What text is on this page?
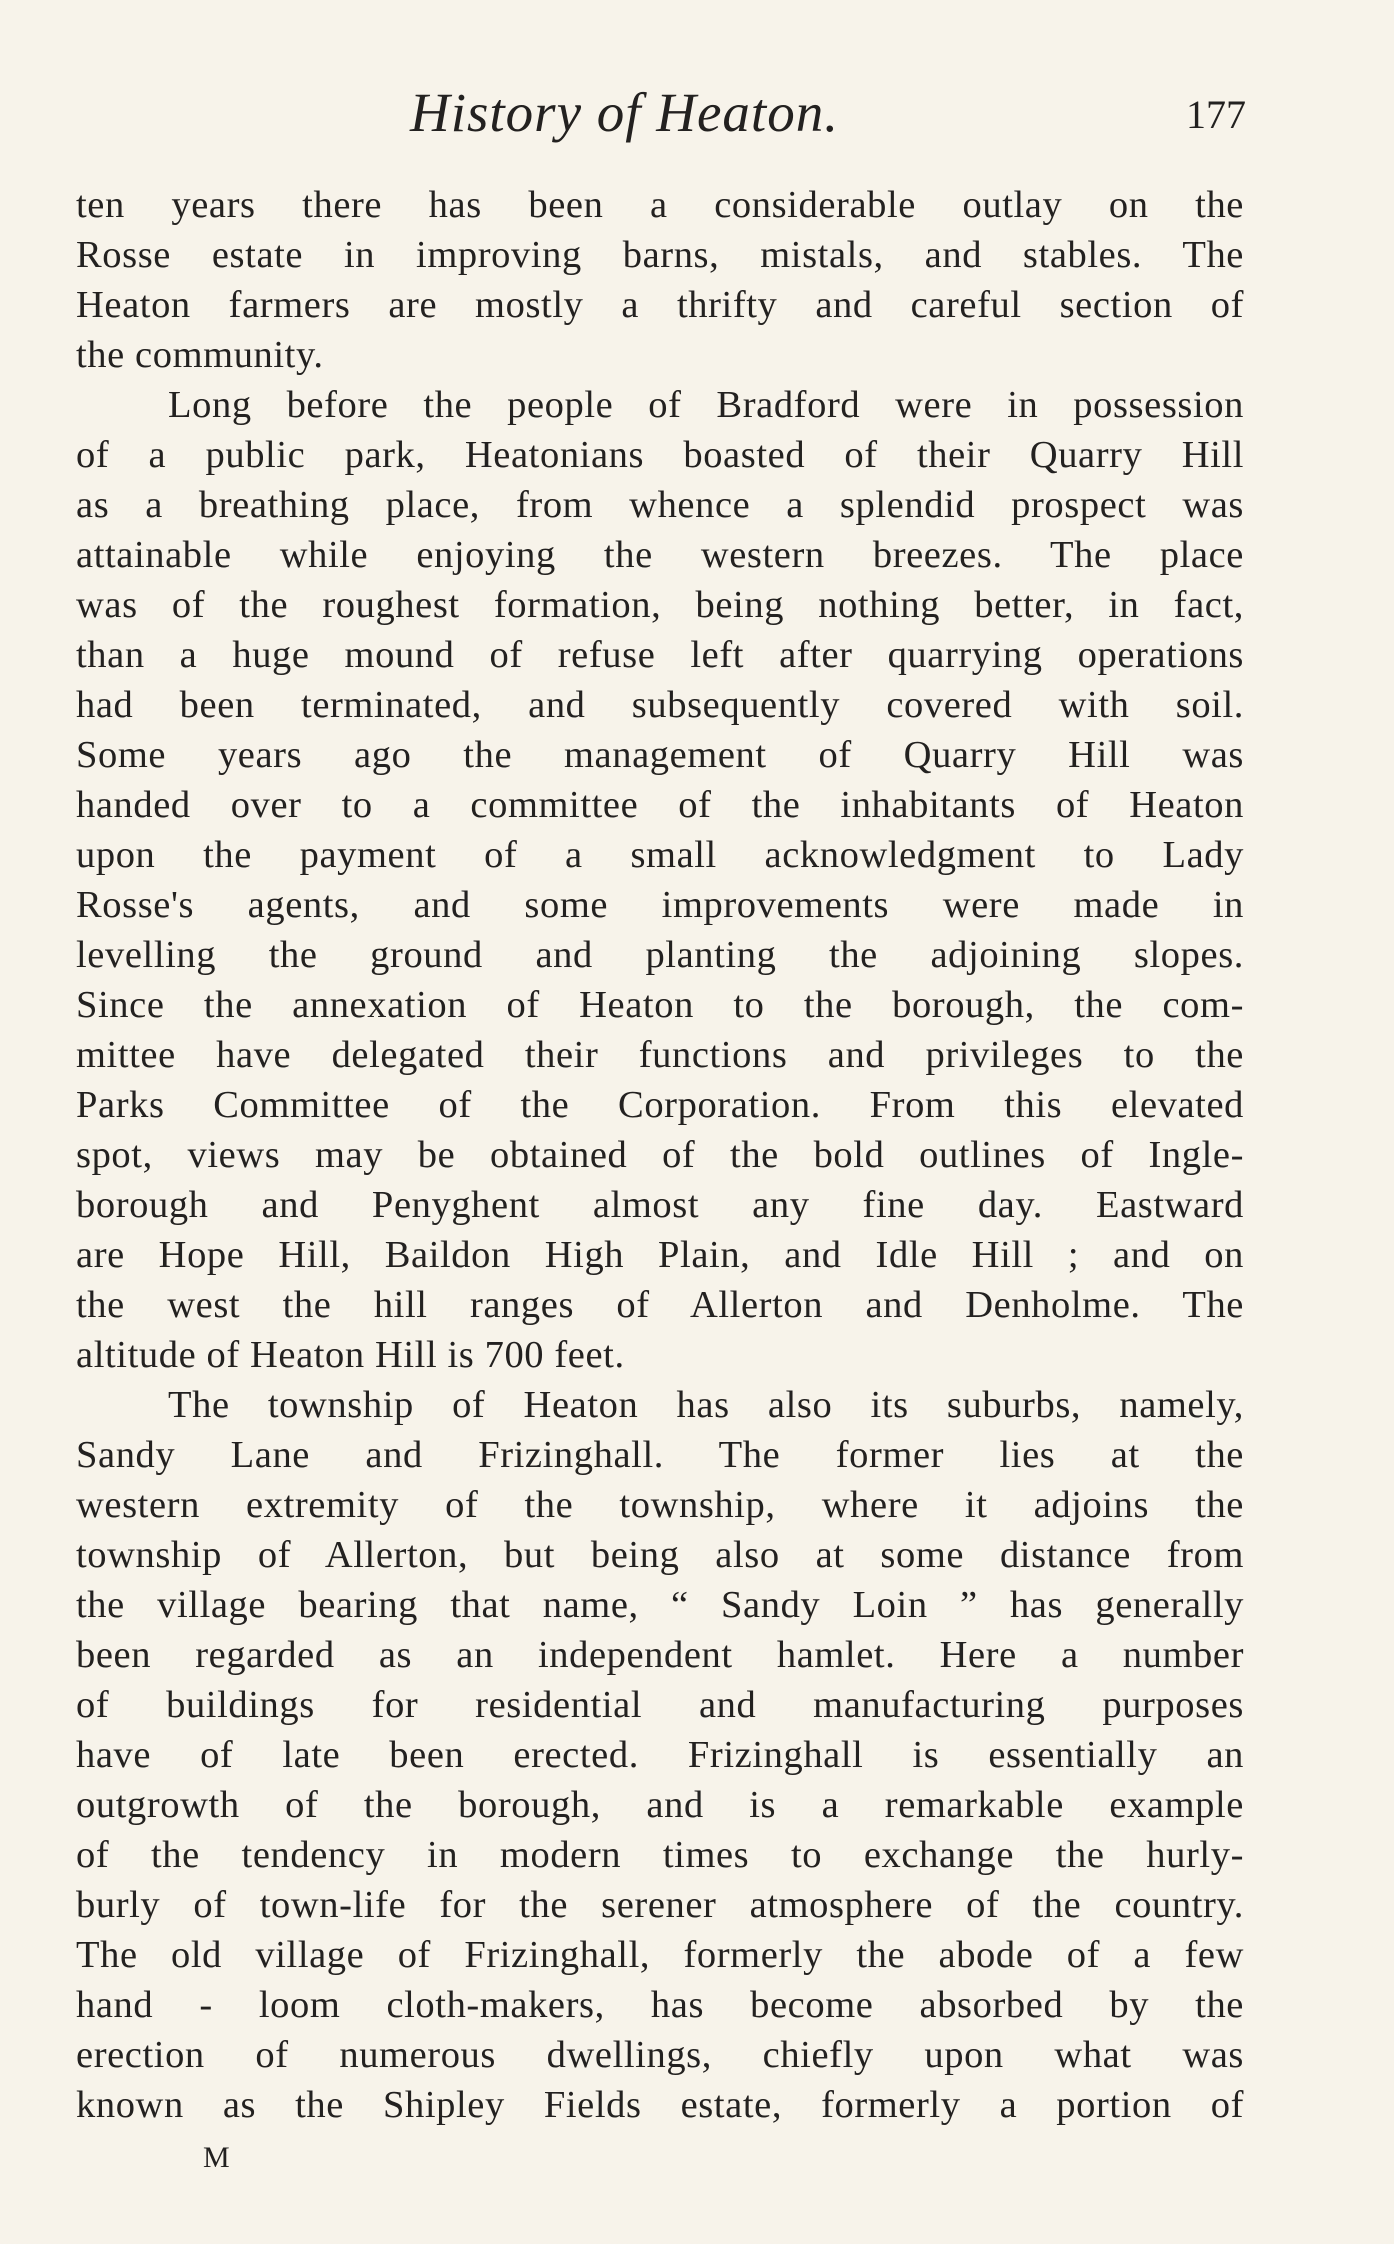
History of Heaton.	177
ten years there has been a considerable outlay on the
Rosse estate in improving barns, mistals, and stables. The
Heaton farmers are mostly a thrifty and careful section of
the community.
Long before the people of Bradford were in possession
of a public park, Heatonians boasted of their Quarry Hill
as a breathing place, from whence a splendid prospect was
attainable while enjoying the western breezes. The place
was of the roughest formation, being nothing better, in fact,
than a huge mound of refuse left after quarrying operations
had been terminated, and subsequently covered with soil.
Some years ago the management of Quarry Hill was
handed over to a committee of the inhabitants of Heaton
upon the payment of a small acknowledgment to Lady
Rosse's agents, and some improvements were made in
levelling the ground and planting the adjoining slopes.
Since the annexation of Heaton to the borough, the com-
mittee have delegated their functions and privileges to the
Parks Committee of the Corporation. From this elevated
spot, views may be obtained of the bold outlines of Ingle-
borough and Penyghent almost any fine day. Eastward
are Hope Hill, Baildon High Plain, and Idle Hill ; and on
the west the hill ranges of Allerton and Denholme. The
altitude of Heaton Hill is 700 feet.
The township of Heaton has also its suburbs, namely,
Sandy Lane and Frizinghall. The former lies at the
western extremity of the township, where it adjoins the
township of Allerton, but being also at some distance from
the village bearing that name, “ Sandy Loin ” has generally
been regarded as an independent hamlet. Here a number
of buildings for residential and manufacturing purposes
have of late been erected. Frizinghall is essentially an
outgrowth of the borough, and is a remarkable example
of the tendency in modern times to exchange the hurly-
burly of town-life for the serener atmosphere of the country.
The old village of Frizinghall, formerly the abode of a few
hand - loom cloth-makers, has become absorbed by the
erection of numerous dwellings, chiefly upon what was
known as the Shipley Fields estate, formerly a portion of
M
